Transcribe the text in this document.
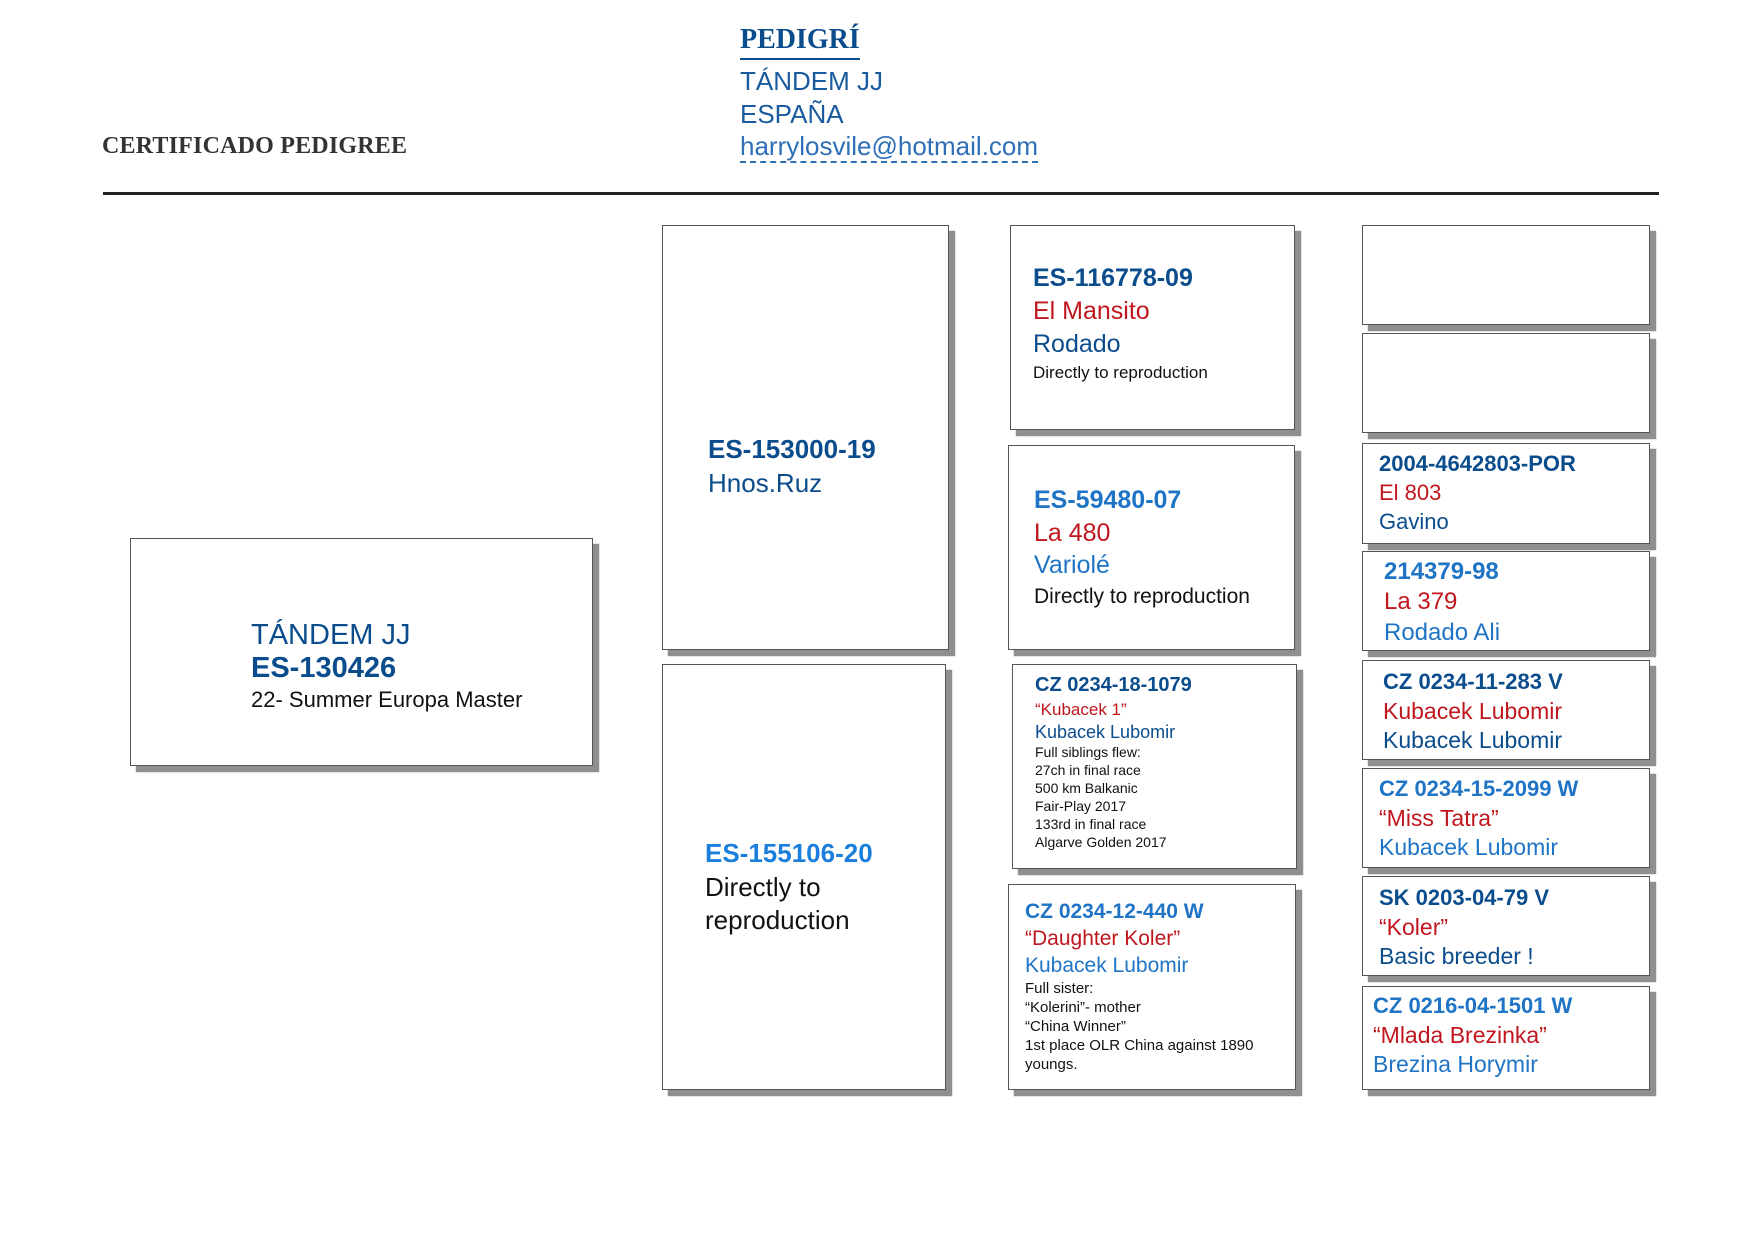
PEDIGRÍ
TÁNDEM JJ
ESPAÑA
harrylosvile@hotmail.com
CERTIFICADO PEDIGREE
TÁNDEM JJ
ES-130426
22- Summer Europa Master
ES-153000-19
Hnos.Ruz
ES-155106-20
Directly to
reproduction
ES-116778-09
El Mansito
Rodado
Directly to reproduction
ES-59480-07
La 480
Variolé
Directly to reproduction
CZ 0234-18-1079
“Kubacek 1”
Kubacek Lubomir
Full siblings flew:
27ch in final race
500 km Balkanic
Fair-Play 2017
133rd in final race
Algarve Golden 2017
CZ 0234-12-440 W
“Daughter Koler”
Kubacek Lubomir
Full sister:
“Kolerini”- mother
“China Winner”
1st place OLR China against 1890
youngs.
2004-4642803-POR
El 803
Gavino
214379-98
La 379
Rodado Ali
CZ 0234-11-283 V
Kubacek Lubomir
Kubacek Lubomir
CZ 0234-15-2099 W
“Miss Tatra”
Kubacek Lubomir
SK 0203-04-79 V
“Koler”
Basic breeder !
CZ 0216-04-1501 W
“Mlada Brezinka”
Brezina Horymir
